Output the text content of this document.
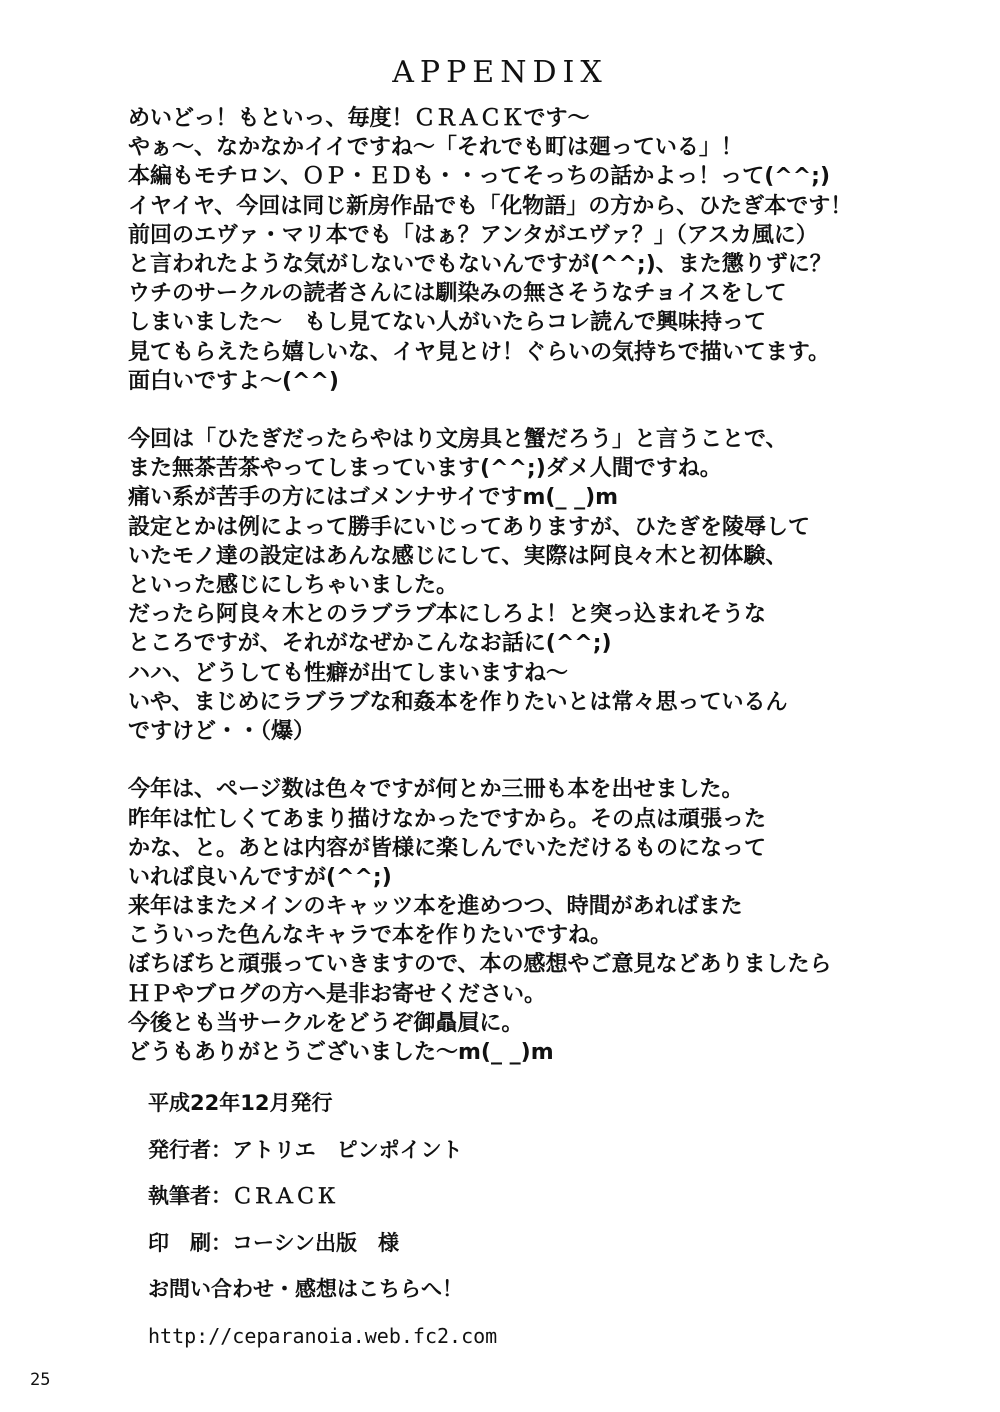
APPENDIX
めいどっ！もといっ、毎度！ＣＲＡＣＫです～
やぁ～、なかなかイイですね～「それでも町は廻っている」！
本編もモチロン、ＯＰ・ＥＤも・・ってそっちの話かよっ！って(^^;)
イヤイヤ、今回は同じ新房作品でも「化物語」の方から、ひたぎ本です！
前回のエヴァ・マリ本でも「はぁ？アンタがエヴァ？」（アスカ風に）
と言われたような気がしないでもないんですが(^^;)、また懲りずに？
ウチのサークルの読者さんには馴染みの無さそうなチョイスをして
しまいました～　もし見てない人がいたらコレ読んで興味持って
見てもらえたら嬉しいな、イヤ見とけ！ぐらいの気持ちで描いてます。
面白いですよ～(^^)
今回は「ひたぎだったらやはり文房具と蟹だろう」と言うことで、
また無茶苦茶やってしまっています(^^;)ダメ人間ですね。
痛い系が苦手の方にはゴメンナサイですm(_ _)m
設定とかは例によって勝手にいじってありますが、ひたぎを陵辱して
いたモノ達の設定はあんな感じにして、実際は阿良々木と初体験、
といった感じにしちゃいました。
だったら阿良々木とのラブラブ本にしろよ！と突っ込まれそうな
ところですが、それがなぜかこんなお話に(^^;)
ハハ、どうしても性癖が出てしまいますね～
いや、まじめにラブラブな和姦本を作りたいとは常々思っているん
ですけど・・（爆）
今年は、ページ数は色々ですが何とか三冊も本を出せました。
昨年は忙しくてあまり描けなかったですから。その点は頑張った
かな、と。あとは内容が皆様に楽しんでいただけるものになって
いれば良いんですが(^^;)
来年はまたメインのキャッツ本を進めつつ、時間があればまた
こういった色んなキャラで本を作りたいですね。
ぼちぼちと頑張っていきますので、本の感想やご意見などありましたら
ＨＰやブログの方へ是非お寄せください。
今後とも当サークルをどうぞ御贔屓に。
どうもありがとうございました～m(_ _)m
平成22年12月発行
発行者：アトリエ　ピンポイント
執筆者：ＣＲＡＣＫ
印　刷：コーシン出版　様
お問い合わせ・感想はこちらへ！
http://ceparanoia.web.fc2.com
25
